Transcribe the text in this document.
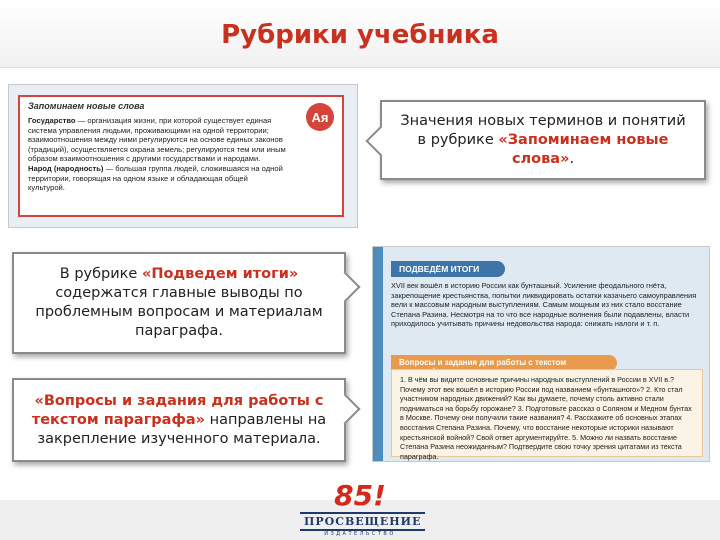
Рубрики учебника
Запоминаем новые слова
Ая
Государство — организация жизни, при которой существует единая система управления людьми, проживающими на одной территории; взаимоотношения между ними регулируются на основе единых законов (традиций), осуществляется охрана земель; регулируются тем или иным образом взаимоотношения с другими государствами и народами.
Народ (народность) — большая группа людей, сложившаяся на одной территории, говорящая на одном языке и обладающая общей культурой.
Значения новых терминов и понятий в рубрике «Запоминаем новые слова».
В рубрике «Подведем итоги» содержатся главные выводы по проблемным вопросам и материалам параграфа.
«Вопросы и задания для работы с текстом параграфа» направлены на закрепление изученного материала.
ПОДВЕДЁМ ИТОГИ
XVII век вошёл в историю России как бунташный. Усиление феодального гнёта, закрепощение крестьянства, попытки ликвидировать остатки казачьего самоуправления вели к массовым народным выступлениям. Самым мощным из них стало восстание Степана Разина. Несмотря на то что все народные волнения были подавлены, власти приходилось учитывать причины недовольства народа: снижать налоги и т. п.
Вопросы и задания для работы с текстом
1. В чём вы видите основные причины народных выступлений в России в XVII в.? Почему этот век вошёл в историю России под названием «бунташного»? 2. Кто стал участником народных движений? Как вы думаете, почему столь активно стали подниматься на борьбу горожане? 3. Подготовьте рассказ о Соляном и Медном бунтах в Москве. Почему они получили такие названия? 4. Расскажите об основных этапах восстания Степана Разина. Почему, что восстание некоторые историки называют крестьянской войной? Свой ответ аргументируйте. 5. Можно ли назвать восстание Степана Разина неожиданным? Подтвердите свою точку зрения цитатами из текста параграфа.
85!
ПРОСВЕЩЕНИЕ
ИЗДАТЕЛЬСТВО
